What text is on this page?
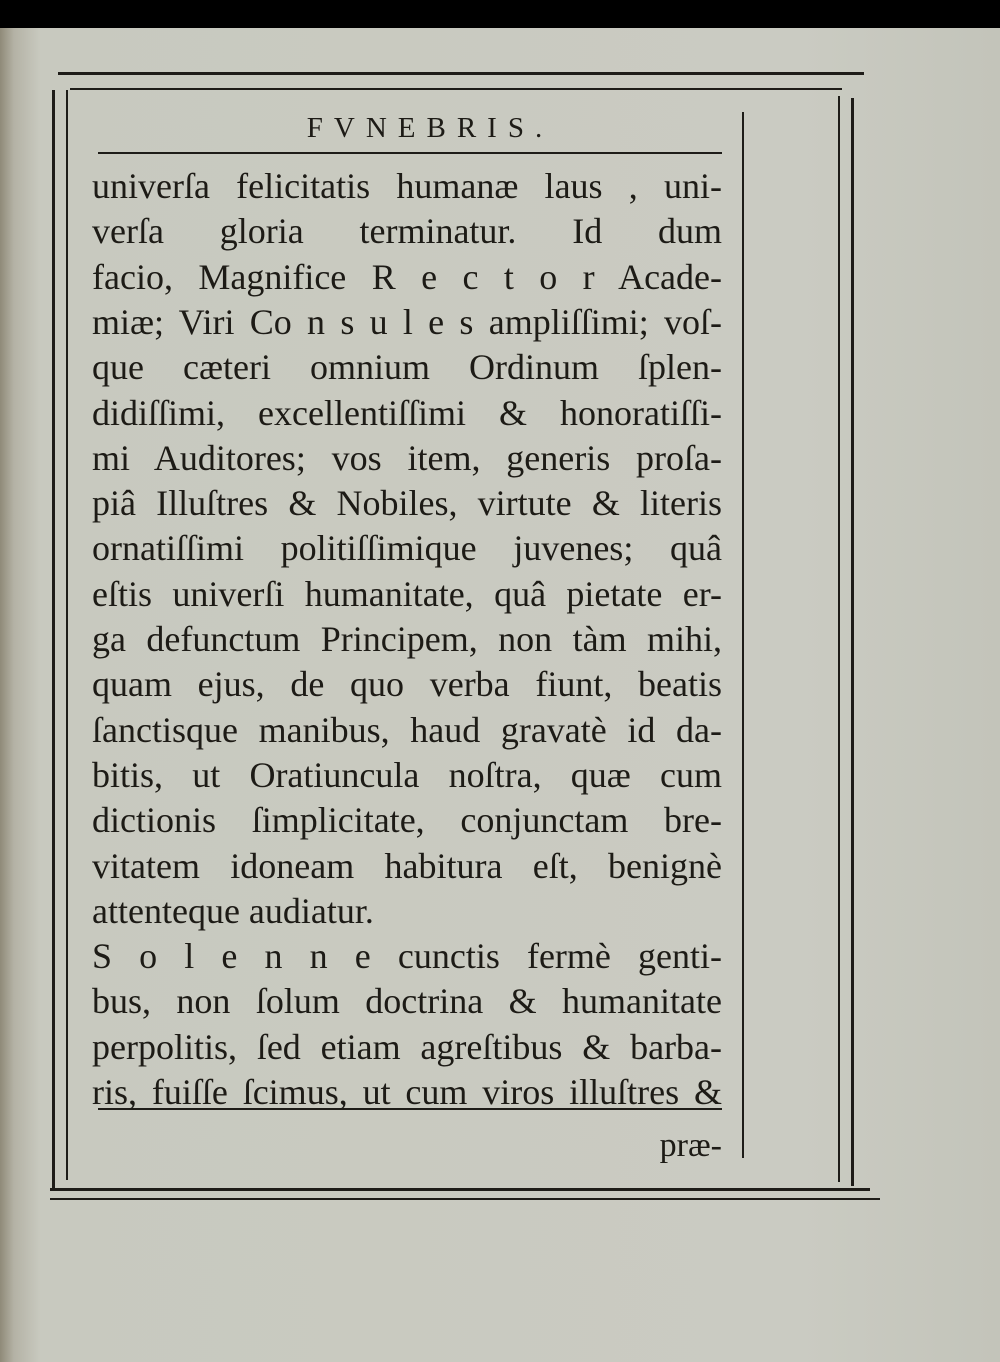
FVNEBRIS.
univerſa felicitatis humanæ laus , uni-
verſa gloria terminatur. Id dum
facio, Magnifice R e c t o r Acade-
miæ; Viri Co n s u l e s ampliſſimi; voſ-
que cæteri omnium Ordinum ſplen-
didiſſimi, excellentiſſimi & honoratiſſi-
mi Auditores; vos item, generis proſa-
piâ Illuſtres & Nobiles, virtute & literis
ornatiſſimi politiſſimique juvenes; quâ
eſtis univerſi humanitate, quâ pietate er-
ga defunctum Principem, non tàm mihi,
quam ejus, de quo verba fiunt, beatis
ſanctisque manibus, haud gravatè id da-
bitis, ut Oratiuncula noſtra, quæ cum
dictionis ſimplicitate, conjunctam bre-
vitatem idoneam habitura eſt, benignè
attenteque audiatur.
S o l e n n e cunctis fermè genti-
bus, non ſolum doctrina & humanitate
perpolitis, ſed etiam agreſtibus & barba-
ris, fuiſſe ſcimus, ut cum viros illuſtres &
præ-
